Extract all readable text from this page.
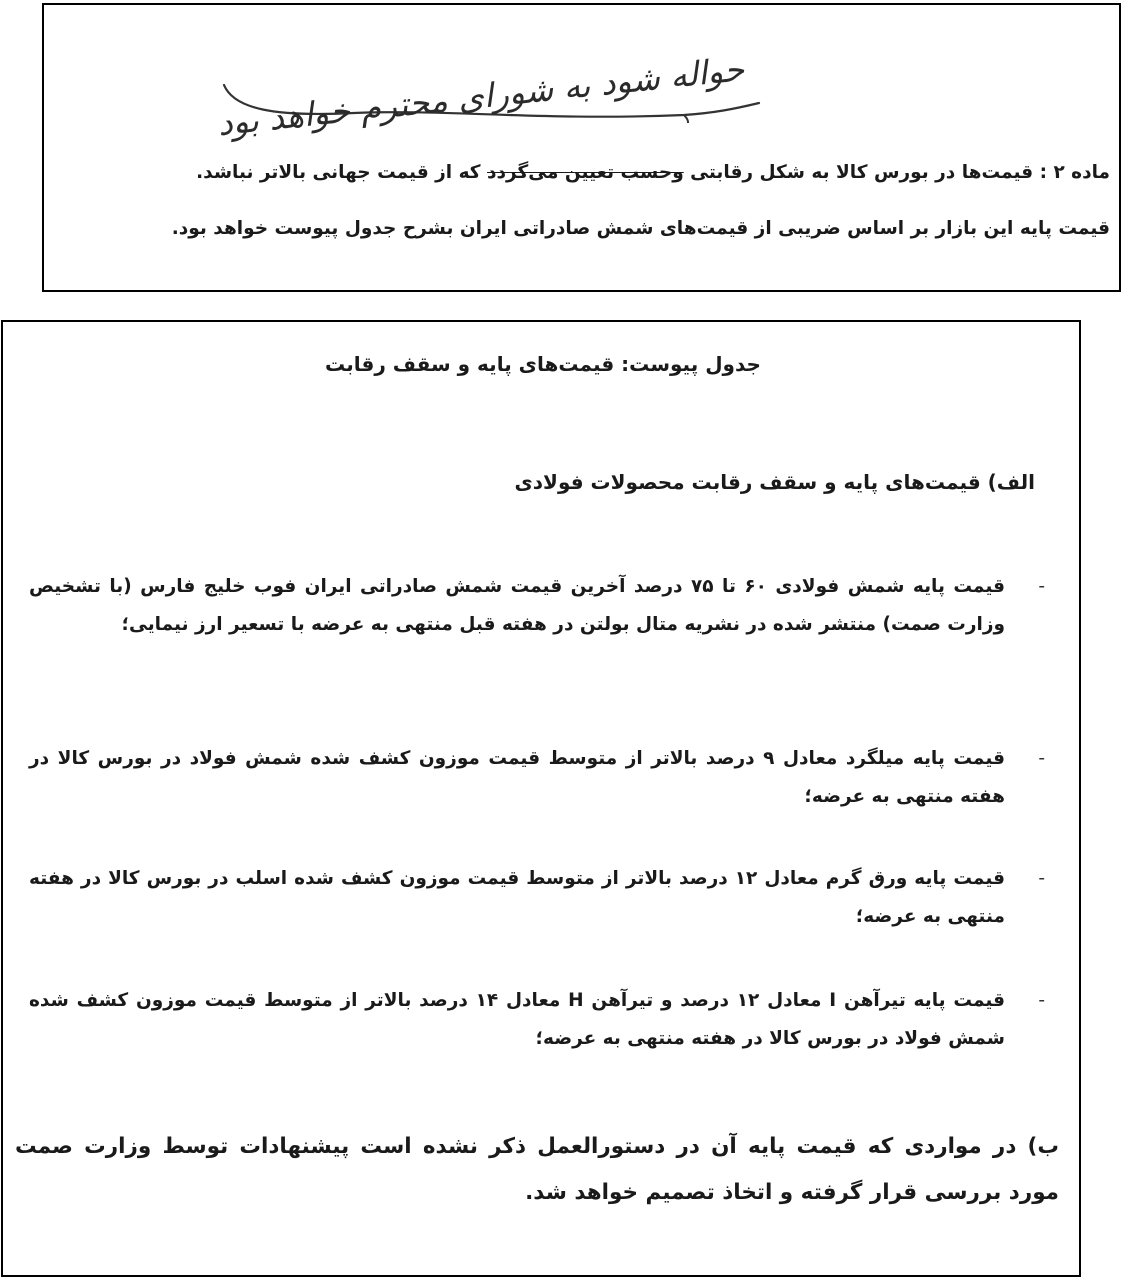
حواله شود به شورای محترم خواهد بود
ماده ۲ : قیمت‌ها در بورس کالا به شکل رقابتی وحسب تعیین می‌گردد که از قیمت جهانی بالاتر نباشد.
قیمت پایه این بازار بر اساس ضریبی از قیمت‌های شمش صادراتی ایران بشرح جدول پیوست خواهد بود.
جدول پیوست: قیمت‌های پایه و سقف رقابت
الف) قیمت‌های پایه و سقف رقابت محصولات فولادی
-
قیمت پایه شمش فولادی ۶۰ تا ۷۵ درصد آخرین قیمت شمش صادراتی ایران فوب خلیج فارس (با تشخیص وزارت صمت) منتشر شده در نشریه متال بولتن در هفته قبل منتهی به عرضه با تسعیر ارز نیمایی؛
-
قیمت پایه میلگرد معادل ۹ درصد بالاتر از متوسط قیمت موزون کشف شده شمش فولاد در بورس کالا در هفته منتهی به عرضه؛
-
قیمت پایه ورق گرم معادل ۱۲ درصد بالاتر از متوسط قیمت موزون کشف شده اسلب در بورس کالا در هفته منتهی به عرضه؛
-
قیمت پایه تیرآهن I معادل ۱۲ درصد و تیرآهن H معادل ۱۴ درصد بالاتر از متوسط قیمت موزون کشف شده شمش فولاد در بورس کالا در هفته منتهی به عرضه؛
ب) در مواردی که قیمت پایه آن در دستورالعمل ذکر نشده است پیشنهادات توسط وزارت صمت مورد بررسی قرار گرفته و اتخاذ تصمیم خواهد شد.
